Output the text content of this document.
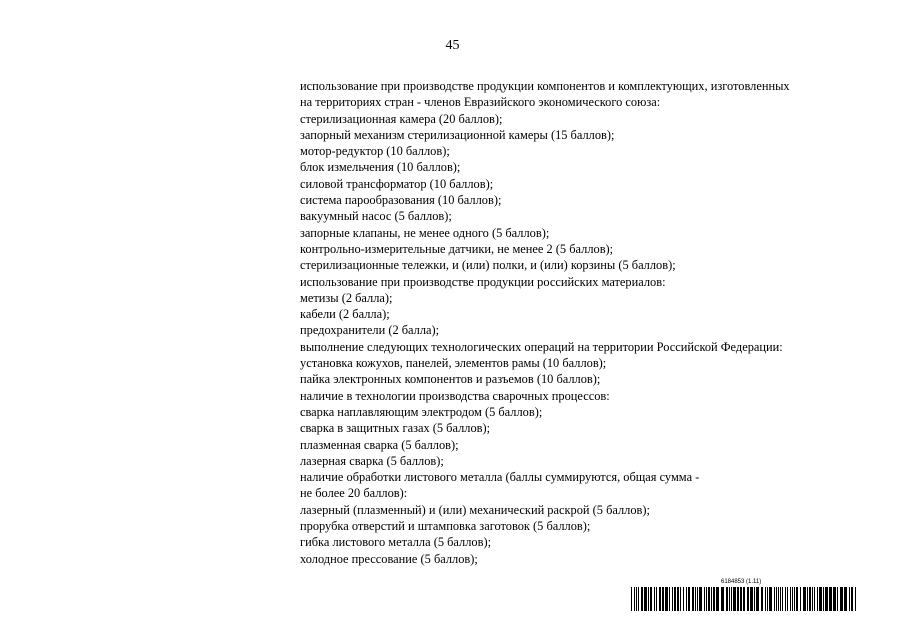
45
использование при производстве продукции компонентов и комплектующих, изготовленных
на территориях стран - членов Евразийского экономического союза:
стерилизационная камера (20 баллов);
запорный механизм стерилизационной камеры (15 баллов);
мотор-редуктор (10 баллов);
блок измельчения (10 баллов);
силовой трансформатор (10 баллов);
система парообразования (10 баллов);
вакуумный насос (5 баллов);
запорные клапаны, не менее одного (5 баллов);
контрольно-измерительные датчики, не менее 2 (5 баллов);
стерилизационные тележки, и (или) полки, и (или) корзины (5 баллов);
использование при производстве продукции российских материалов:
метизы (2 балла);
кабели (2 балла);
предохранители (2 балла);
выполнение следующих технологических операций на территории Российской Федерации:
установка кожухов, панелей, элементов рамы (10 баллов);
пайка электронных компонентов и разъемов (10 баллов);
наличие в технологии производства сварочных процессов:
сварка наплавляющим электродом (5 баллов);
сварка в защитных газах (5 баллов);
плазменная сварка (5 баллов);
лазерная сварка (5 баллов);
наличие обработки листового металла (баллы суммируются, общая сумма -
не более 20 баллов):
лазерный (плазменный) и (или) механический раскрой (5 баллов);
прорубка отверстий и штамповка заготовок (5 баллов);
гибка листового металла (5 баллов);
холодное прессование (5 баллов);
6184853 (1.11)
